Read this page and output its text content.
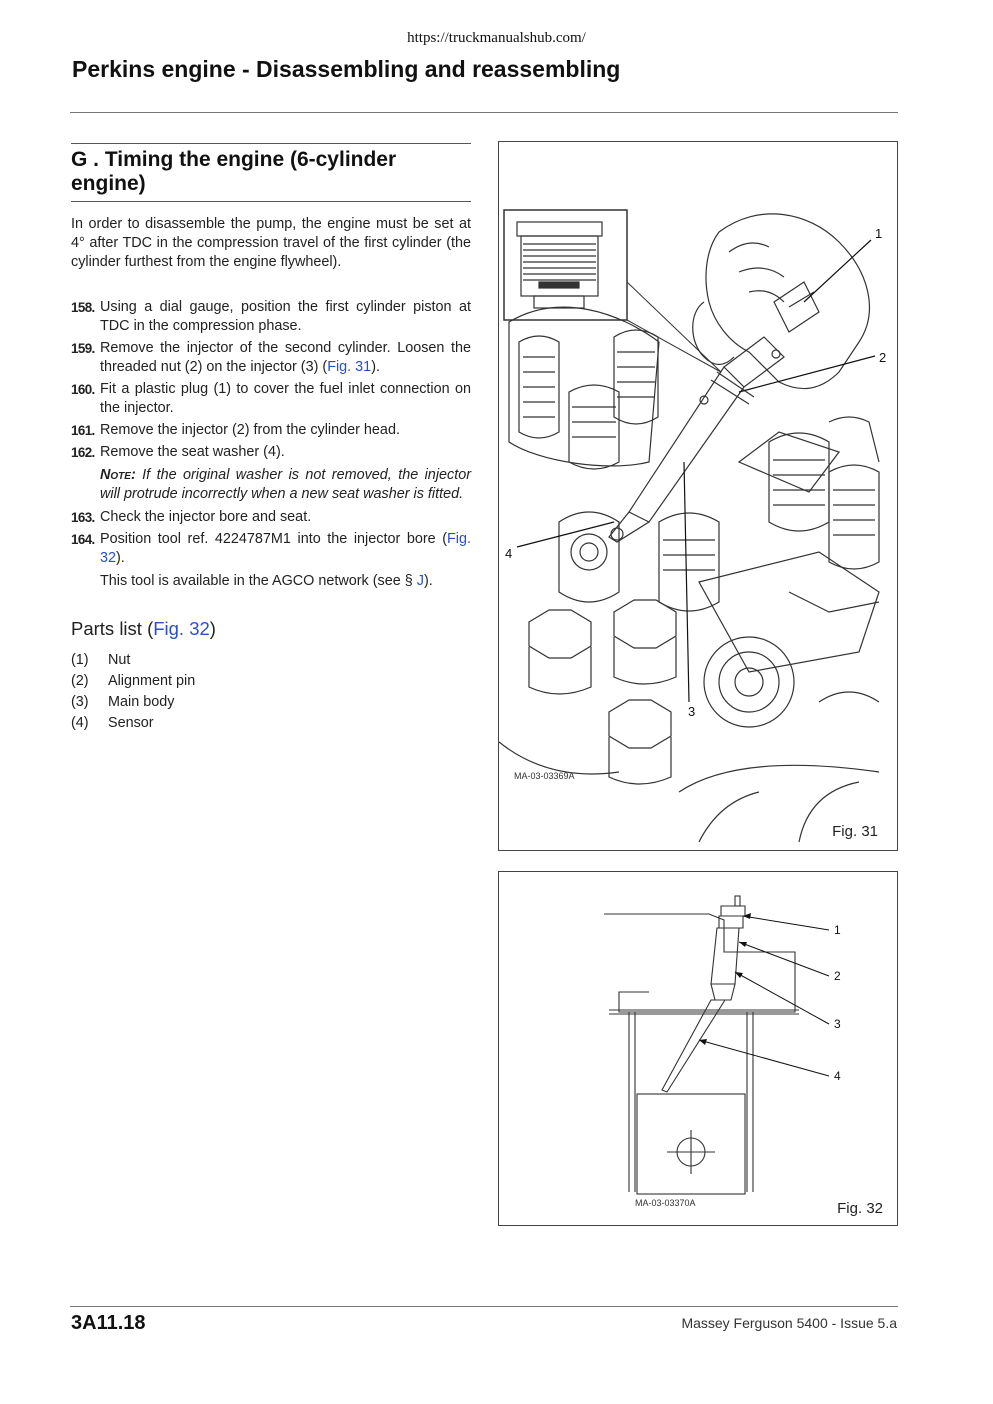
https://truckmanualshub.com/
Perkins engine - Disassembling and reassembling
G . Timing the engine (6-cylinder engine)

In order to disassemble the pump, the engine must be set at 4° after TDC in the compression travel of the first cylinder (the cylinder furthest from the engine flywheel).

158. Using a dial gauge, position the first cylinder piston at TDC in the compression phase.
159. Remove the injector of the second cylinder. Loosen the threaded nut (2) on the injector (3) (Fig. 31).
160. Fit a plastic plug (1) to cover the fuel inlet connection on the injector.
161. Remove the injector (2) from the cylinder head.
162. Remove the seat washer (4).
Note: If the original washer is not removed, the injector will protrude incorrectly when a new seat washer is fitted.
163. Check the injector bore and seat.
164. Position tool ref. 4224787M1 into the injector bore (Fig. 32).
This tool is available in the AGCO network (see § J).
Parts list (Fig. 32)
(1)	Nut
(2)	Alignment pin
(3)	Main body
(4)	Sensor
1
2
3
4
MA-03-03369A
Fig. 31
1
2
3
4
MA-03-03370A	Fig. 32
3A11.18	Massey Ferguson 5400 - Issue 5.a
